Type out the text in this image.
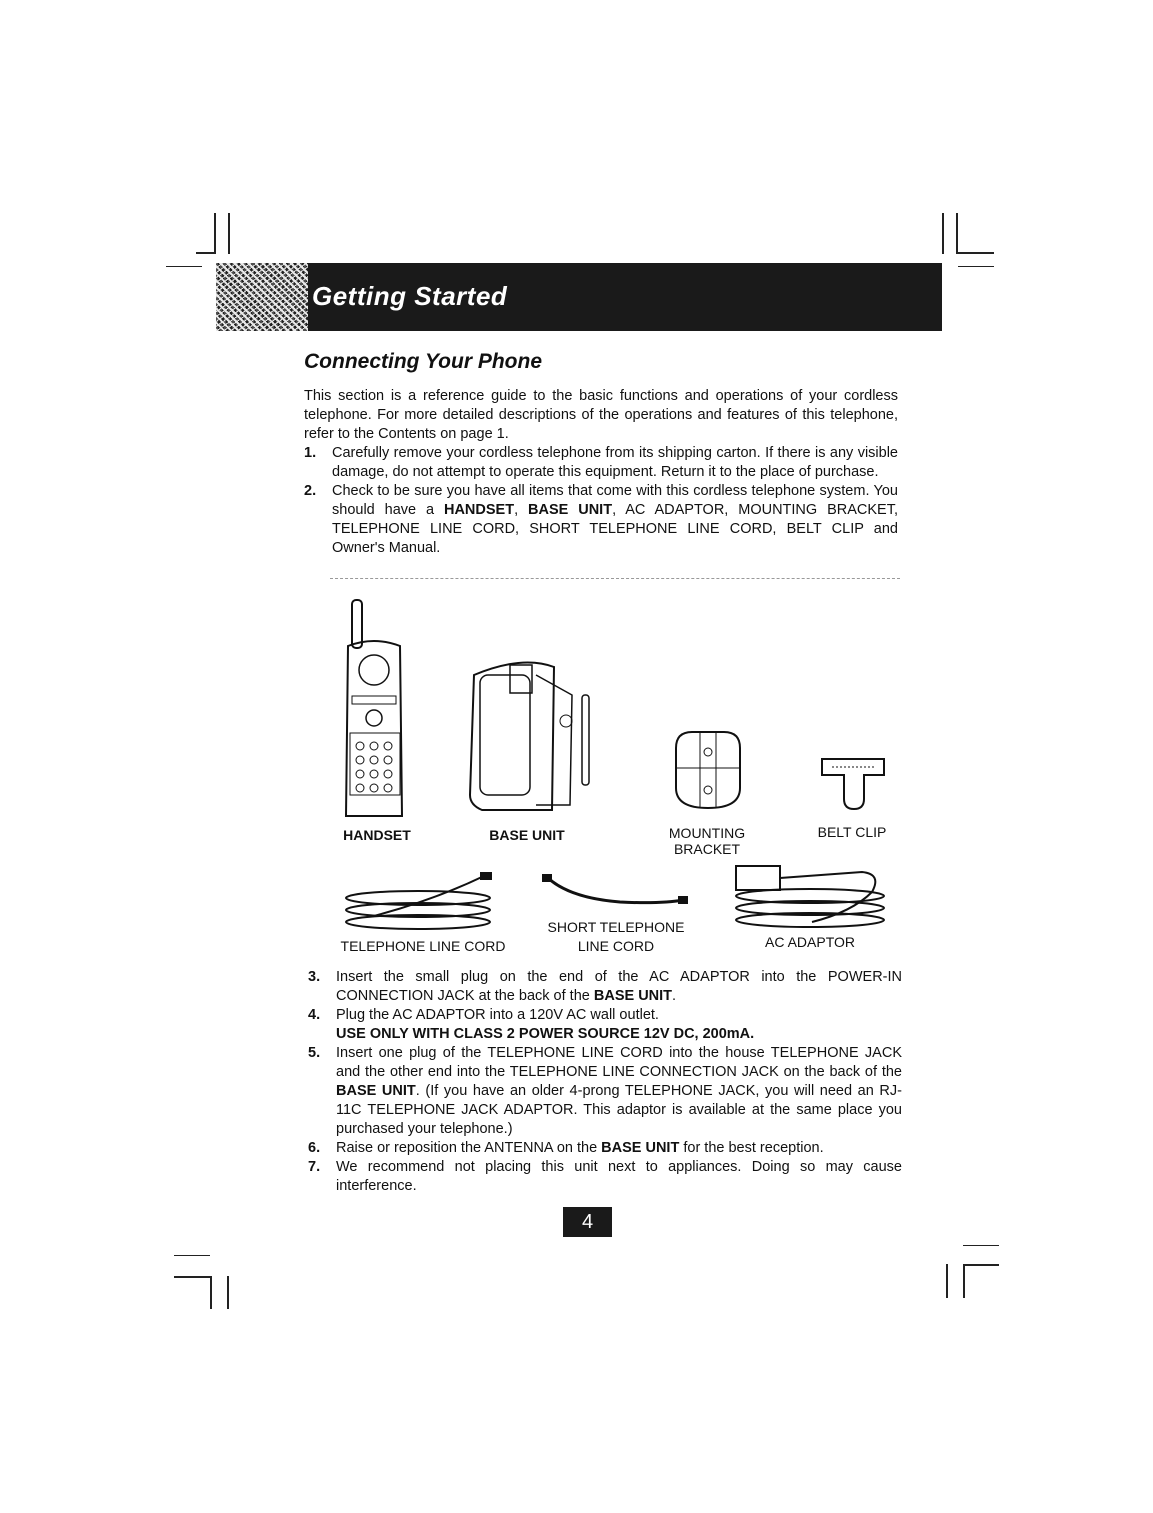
Getting Started
Connecting Your Phone
This section is a reference guide to the basic functions and operations of your cordless telephone. For more detailed descriptions of the operations and features of this telephone, refer to the Contents on page 1.
1. Carefully remove your cordless telephone from its shipping carton. If there is any visible damage, do not attempt to operate this equipment. Return it to the place of purchase.
2. Check to be sure you have all items that come with this cordless telephone system. You should have a HANDSET, BASE UNIT, AC ADAPTOR, MOUNTING BRACKET, TELEPHONE LINE CORD, SHORT TELEPHONE LINE CORD, BELT CLIP and Owner's Manual.
HANDSET	BASE UNIT	MOUNTING BRACKET
BELT CLIP
TELEPHONE LINE CORD
SHORT TELEPHONE
LINE CORD	AC ADAPTOR
3. Insert the small plug on the end of the AC ADAPTOR into the POWER-IN CONNECTION JACK at the back of the BASE UNIT.
4. Plug the AC ADAPTOR into a 120V AC wall outlet.
USE ONLY WITH CLASS 2 POWER SOURCE 12V DC, 200mA.
5. Insert one plug of the TELEPHONE LINE CORD into the house TELEPHONE JACK and the other end into the TELEPHONE LINE CONNECTION JACK on the back of the BASE UNIT. (If you have an older 4-prong TELEPHONE JACK, you will need an RJ-11C TELEPHONE JACK ADAPTOR. This adaptor is available at the same place you purchased your telephone.)
6. Raise or reposition the ANTENNA on the BASE UNIT for the best reception.
7. We recommend not placing this unit next to appliances. Doing so may cause interference.
4
